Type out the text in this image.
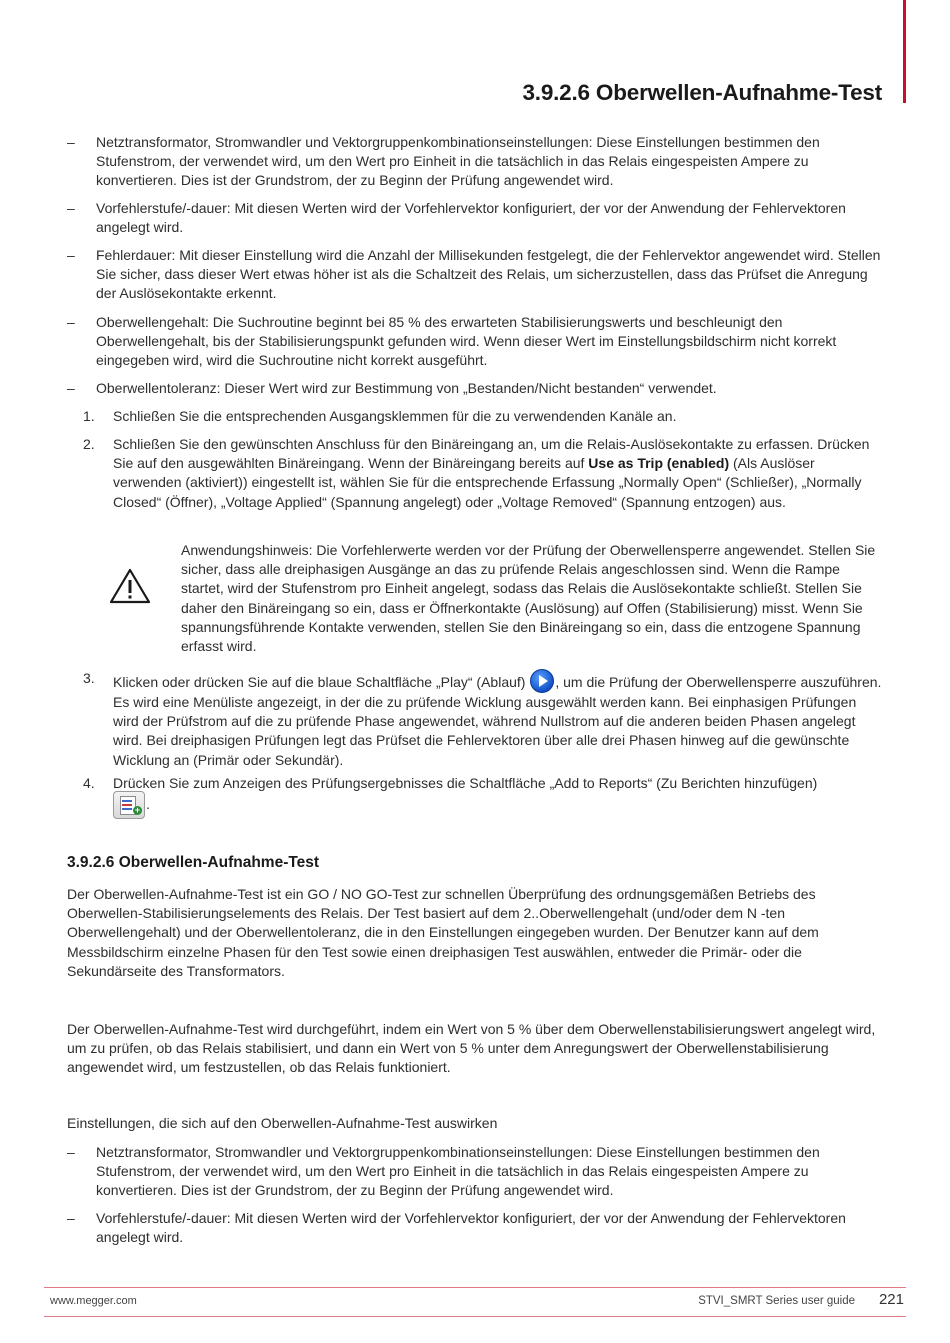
3.9.2.6 Oberwellen-Aufnahme-Test
–	Netztransformator, Stromwandler und Vektorgruppenkombinationseinstellungen: Diese Einstellungen bestimmen den Stufenstrom, der verwendet wird, um den Wert pro Einheit in die tatsächlich in das Relais eingespeisten Ampere zu konvertieren. Dies ist der Grundstrom, der zu Beginn der Prüfung angewendet wird.
–	Vorfehlerstufe/-dauer: Mit diesen Werten wird der Vorfehlervektor konfiguriert, der vor der Anwendung der Fehlervektoren angelegt wird.
–	Fehlerdauer: Mit dieser Einstellung wird die Anzahl der Millisekunden festgelegt, die der Fehlervektor angewendet wird. Stellen Sie sicher, dass dieser Wert etwas höher ist als die Schaltzeit des Relais, um sicherzustellen, dass das Prüfset die Anregung der Auslösekontakte erkennt.
–	Oberwellengehalt: Die Suchroutine beginnt bei 85 % des erwarteten Stabilisierungswerts und beschleunigt den Oberwellengehalt, bis der Stabilisierungspunkt gefunden wird. Wenn dieser Wert im Einstellungsbildschirm nicht korrekt eingegeben wird, wird die Suchroutine nicht korrekt ausgeführt.
–	Oberwellentoleranz: Dieser Wert wird zur Bestimmung von „Bestanden/Nicht bestanden“ verwendet.
1.	Schließen Sie die entsprechenden Ausgangsklemmen für die zu verwendenden Kanäle an.
2.	Schließen Sie den gewünschten Anschluss für den Binäreingang an, um die Relais-Auslösekontakte zu erfassen. Drücken Sie auf den ausgewählten Binäreingang. Wenn der Binäreingang bereits auf Use as Trip (enabled) (Als Auslöser verwenden (aktiviert)) eingestellt ist, wählen Sie für die entsprechende Erfassung „Normally Open“ (Schließer), „Normally Closed“ (Öffner), „Voltage Applied“ (Spannung angelegt) oder „Voltage Removed“ (Spannung entzogen) aus.
Anwendungshinweis: Die Vorfehlerwerte werden vor der Prüfung der Oberwellensperre angewendet. Stellen Sie sicher, dass alle dreiphasigen Ausgänge an das zu prüfende Relais angeschlossen sind. Wenn die Rampe startet, wird der Stufenstrom pro Einheit angelegt, sodass das Relais die Auslösekontakte schließt. Stellen Sie daher den Binäreingang so ein, dass er Öffnerkontakte (Auslösung) auf Offen (Stabilisierung) misst. Wenn Sie spannungsführende Kontakte verwenden, stellen Sie den Binäreingang so ein, dass die entzogene Spannung erfasst wird.
3.	Klicken oder drücken Sie auf die blaue Schaltfläche „Play“ (Ablauf) , um die Prüfung der Oberwellensperre auszuführen. Es wird eine Menüliste angezeigt, in der die zu prüfende Wicklung ausgewählt werden kann. Bei einphasigen Prüfungen wird der Prüfstrom auf die zu prüfende Phase angewendet, während Nullstrom auf die anderen beiden Phasen angelegt wird. Bei dreiphasigen Prüfungen legt das Prüfset die Fehlervektoren über alle drei Phasen hinweg auf die gewünschte Wicklung an (Primär oder Sekundär).
4.	Drücken Sie zum Anzeigen des Prüfungsergebnisses die Schaltfläche „Add to Reports“ (Zu Berichten hinzufügen)
+ .
3.9.2.6 Oberwellen-Aufnahme-Test
Der Oberwellen-Aufnahme-Test ist ein GO / NO GO-Test zur schnellen Überprüfung des ordnungsgemäßen Betriebs des Oberwellen-Stabilisierungselements des Relais. Der Test basiert auf dem 2..Oberwellengehalt (und/oder dem N -ten Oberwellengehalt) und der Oberwellentoleranz, die in den Einstellungen eingegeben wurden. Der Benutzer kann auf dem Messbildschirm einzelne Phasen für den Test sowie einen dreiphasigen Test auswählen, entweder die Primär- oder die Sekundärseite des Transformators.
Der Oberwellen-Aufnahme-Test wird durchgeführt, indem ein Wert von 5 % über dem Oberwellenstabilisierungswert angelegt wird, um zu prüfen, ob das Relais stabilisiert, und dann ein Wert von 5 % unter dem Anregungswert der Oberwellenstabilisierung angewendet wird, um festzustellen, ob das Relais funktioniert.
Einstellungen, die sich auf den Oberwellen-Aufnahme-Test auswirken
–	Netztransformator, Stromwandler und Vektorgruppenkombinationseinstellungen: Diese Einstellungen bestimmen den Stufenstrom, der verwendet wird, um den Wert pro Einheit in die tatsächlich in das Relais eingespeisten Ampere zu konvertieren. Dies ist der Grundstrom, der zu Beginn der Prüfung angewendet wird.
–	Vorfehlerstufe/-dauer: Mit diesen Werten wird der Vorfehlervektor konfiguriert, der vor der Anwendung der Fehlervektoren angelegt wird.
www.megger.com	STVI_SMRT Series user guide 221
